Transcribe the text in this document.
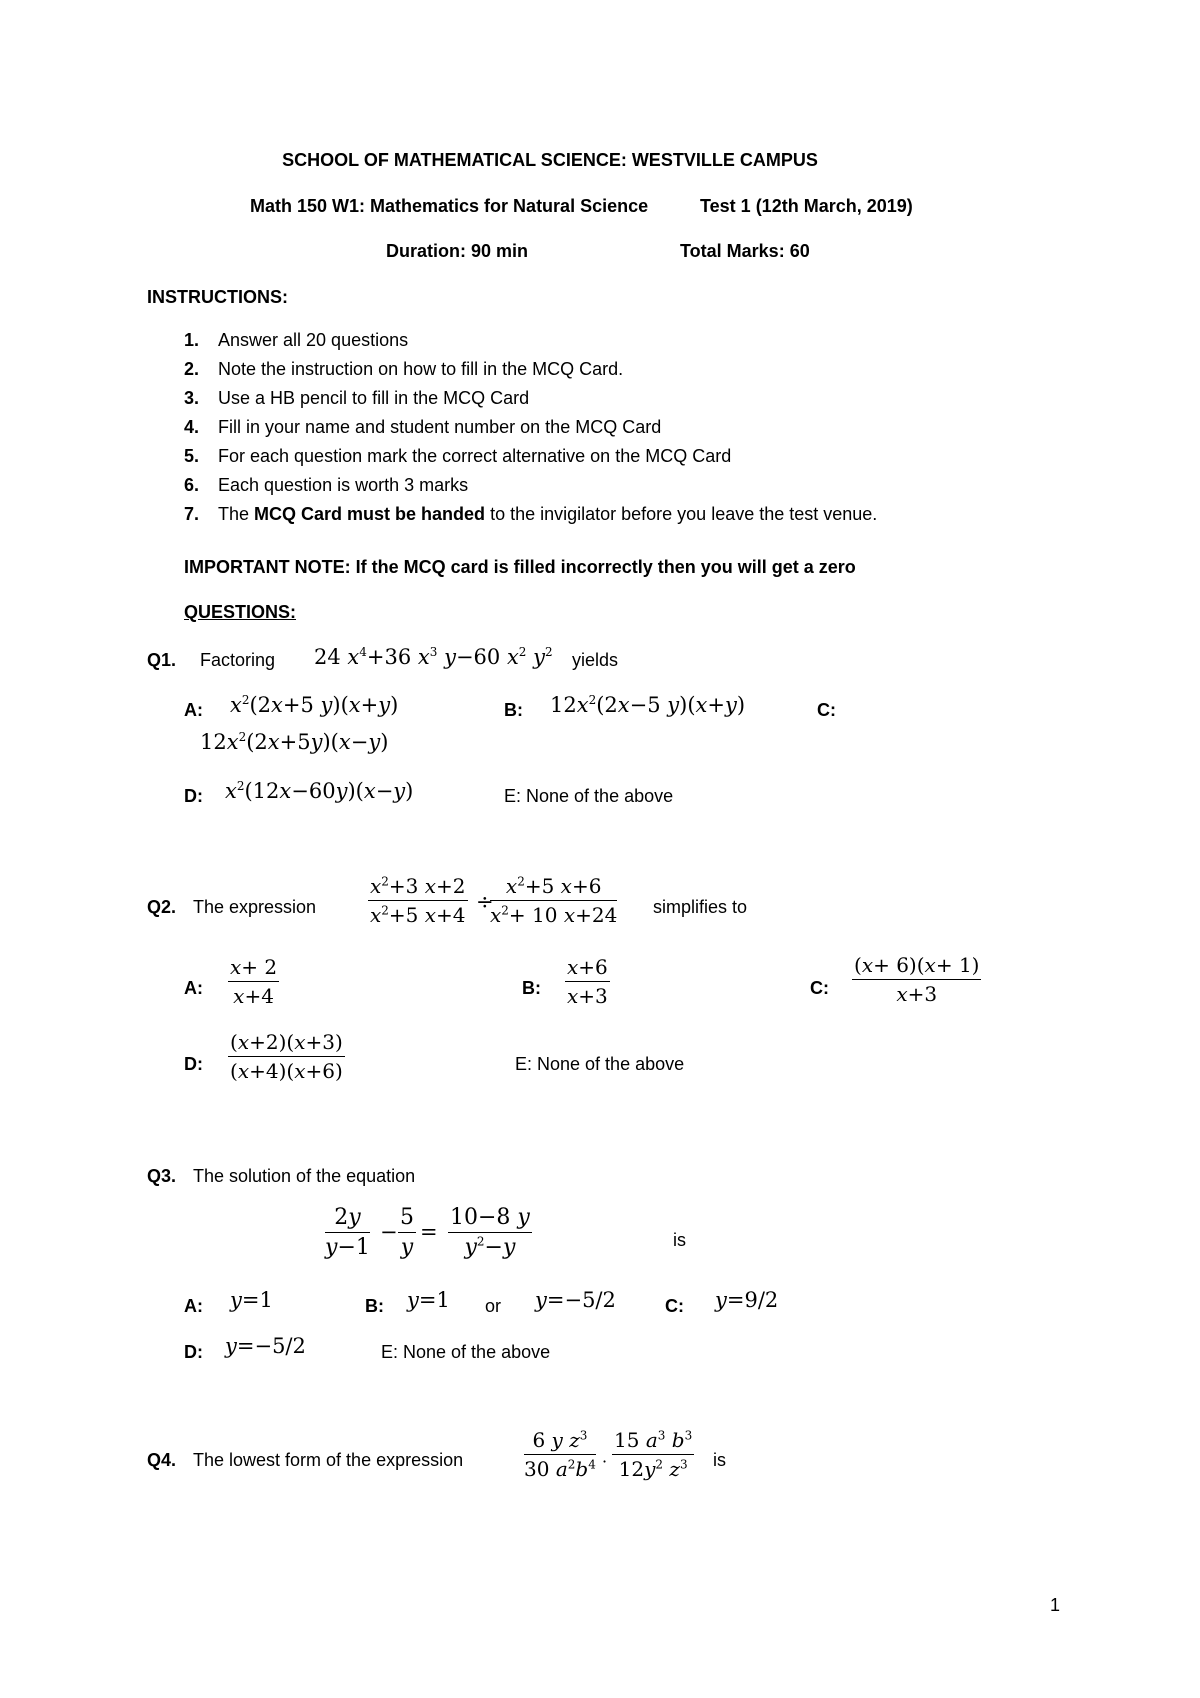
SCHOOL OF MATHEMATICAL SCIENCE: WESTVILLE CAMPUS
Math 150 W1: Mathematics for Natural Science	Test 1 (12th March, 2019)
Duration: 90 min	Total Marks: 60
INSTRUCTIONS:
1. Answer all 20 questions
2. Note the instruction on how to fill in the MCQ Card.
3. Use a HB pencil to fill in the MCQ Card
4. Fill in your name and student number on the MCQ Card
5. For each question mark the correct alternative on the MCQ Card
6. Each question is worth 3 marks
7. The MCQ Card must be handed to the invigilator before you leave the test venue.
IMPORTANT NOTE: If the MCQ card is filled incorrectly then you will get a zero
QUESTIONS:
Q1. Factoring 24 $x^4+36$ $x^3$ y−60 $x^2$ $y^2$ yields
A: $x^2(2x+5$ y)(x+y)	B: $12x^2(2x-5$ y)(x+y)	C:
$12x^2(2x+5y)(x-y)$
D: $x^2(12x-60y)(x-y)$	E: None of the above
Q2. The expression	$\frac{x^2+3 x+2}{x^2+5 x+4}$ ÷
$\frac{x^2+5 x+6}{x^2+ 10 x+24}$ simplifies to
A: $\frac{x+ 2}{x+4}$	B: $\frac{x+6}{x+3}$	C: $\frac{(x+ 6)(x+ 1)}{x+3}$
D: $\frac{(x+2)(x+3)}{(x+4)(x+6)}$	E: None of the above
Q3. The solution of the equation
$\frac{2y}{y-1} - \frac{5}{y} = \frac{10-8 y}{y^2-y}$	is
A: y=1	B: y=1 or y=−5/2	C: y=9/2
D: y=−5/2	E: None of the above
Q4. The lowest form of the expression	$\frac{6 y z^3}{30 a^2b^4} \cdot \frac{15 a^3 b^3}{12y^2 z^3}$ is
1
